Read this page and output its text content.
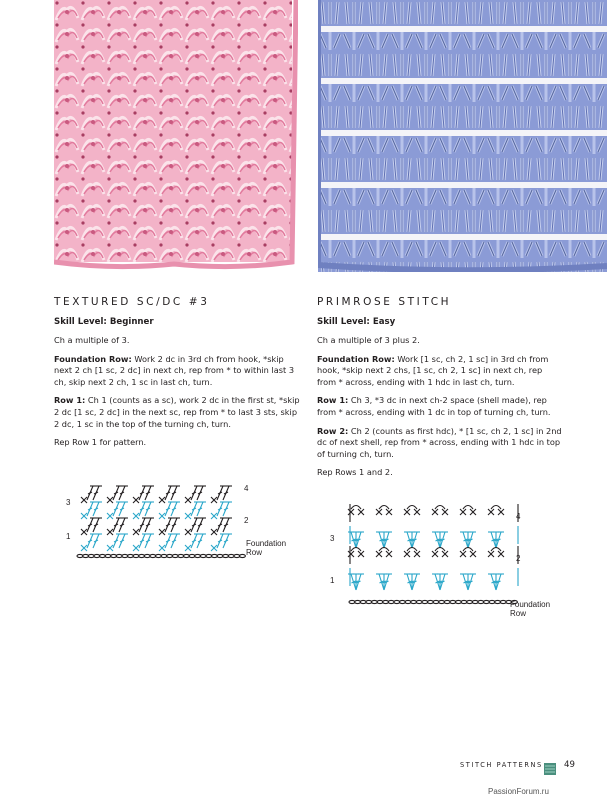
TEXTURED SC/DC #3

Skill Level: Beginner

Ch a multiple of 3.

Foundation Row: Work 2 dc in 3rd ch from hook, *skip next 2 ch [1 sc, 2 dc] in next ch, rep from * to within last 3 ch, skip next 2 ch, 1 sc in last ch, turn.

Row 1: Ch 1 (counts as a sc), work 2 dc in the first st, *skip 2 dc [1 sc, 2 dc] in the next sc, rep from * to last 3 sts, skip 2 dc, 1 sc in the top of the turning ch, turn.

Rep Row 1 for pattern.

PRIMROSE STITCH

Skill Level: Easy

Ch a multiple of 3 plus 2.

Foundation Row: Work [1 sc, ch 2, 1 sc] in 3rd ch from hook, *skip next 2 chs, [1 sc, ch 2, 1 sc] in next ch, rep from * across, ending with 1 hdc in last ch, turn.

Row 1: Ch 3, *3 dc in next ch-2 space (shell made), rep from * across, ending with 1 dc in top of turning ch, turn.

Row 2: Ch 2 (counts as first hdc), * [1 sc, ch 2, 1 sc] in 2nd dc of next shell, rep from * across, ending with 1 hdc in top of turning ch, turn.

Rep Rows 1 and 2.

3
1
4
2
Foundation
Row
3
1
4
2
Foundation
Row
STITCH PATTERNS 49
PassionForum.ru
